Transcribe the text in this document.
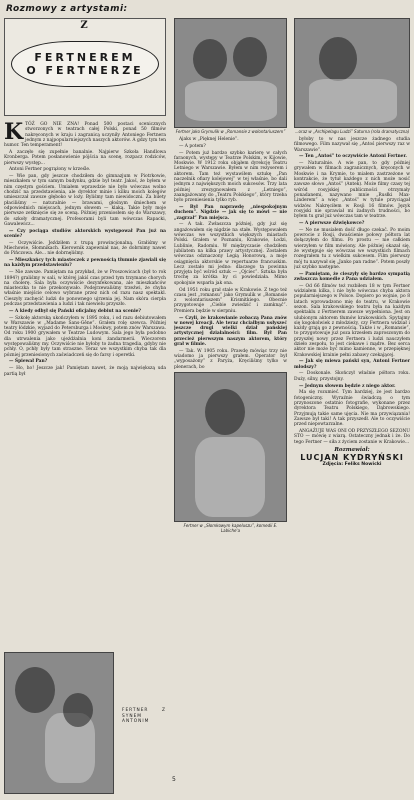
Rozmowy z artystami:
Z
FERTNEREM
O FERTNERZE

KTÓŻ GO NIE ZNA! Ponad 500 postaci scenicznych stworzonych w teatrach całej Polski, ponad 50 filmów nakręconych w kraju i zagranicą uczyniły Antoniego Fertnera jednym z najpopularniejszych naszych aktorów. A gdzy tym ten humor. Ten temperament!

A zaczęło się zupełnie banalnie. Najpierw Szkoła Handlowa Kronberga. Potem posłanowienie pójścia na scenę, rozpacz rodziców, pierwszy występ...

Antoni Fertner pogrążony w krześle.

— Wie pan, gdy jeszcze chodziłem do gimnazjum w Piotrkowie, mieszkałem w tym samym budynku, gdzie był teatr. Jakoś, że byłem w nim częstym gościem. Umiałem wprawdzie nie było wówczas wolno chodzić na przedstawienia, ale dyrektor minie i kilku moich kolegów umieszczał zawsze głęboko w loży. Byliśmy tam niewidoczni. Za bilety płaciliśmy — naturalnie — brawami, głośnym śmiechem w odpowiednich miejscach, jednym słowem — klaką. Takie były moje pierwsze zetknięcie się ze sceną. Później przeniosłem się do Warszawy, do szkoły dramatycznej. Profesorami byli tam wówczas Rapacki, Gawalewicz...

— Czy pociąga studiów aktorskich występował Pan już na scenie?

— Oczywiście. Jeździłem z trupą prowincjonalną. Grałiśmy w Miechowie, Słomnikach. Kierownik zapewniał nas, że dobrnimy nawet do Pińczowa. Ale... nie dobrnęliśmy.

— Mieszkańcy tych miasteczek z pewnością tłumnie zjawiali się na każdym przedstawieniu?

— Nie zawsze. Pamiętam na przykład, że w Proszowicach (był to rok 1894?) graliśmy w sali, w której jakiś czas przed tym trzymano chorych na cholerę. Sala była oczywiście dezynfekowana, ale mieszkańców miasteczka to nie przekonywało. Podejrzewaliśmy trzeźwi, że chyba właśnie miejście celowo wybrane przez nich od razu nasz spektakl. Cieszyły zachęcić ludzi do ponownego ujrzenia jej. Nam skóra cierpła podczas przedstawienia a ludzi i tak niewielu przyszło.

— A kiedy odbył się Pański oficjalny debiut na scenie?

— Szkołę aktorską ukończyłem w 1895 roku, i od razu debiutowałem w Warszawie w „Madame Sans-Gêne”. Grałem rolę szewca. Później teatry łódzkie, wyjazd do Petersburga i Moskwy, potem znów Warszawa. Od roku 1900 grywałem w Teatrze Ludowym. Sala jego była podobno dla utrwalenia jako ujeżdżalnia koni żandarmerii. Wieczorem występowaliśmy my. Oczywiście nie byłoby to żadna tragedia, gdyby nie pchły. O, pchły były tam straszne. Teraz we wszystkim chyba tak dla pózniej przeniesionych zaświadczeń się do farsy i operetki.

— Śpiewał Pan?

— Ho, ho! Jeszcze jak! Pamiętam nawet, że moją największą uda partią był

FERTNER Z SYNEM ANTONIM
Fertner jako Grymulik w „Romansie z wolontariuszem”

Ajaks w „Pięknej Helenie”.

— A potem?

— Potem już bardzo szybko karierę w całych faraonych, występy w Teatrze Polskim, w Kijowie, Moskwie. W 1912 roku objąłem dyrekcję Teatru Letniego w Warszawie. Byłem w nim reżyserem i aktorem. Tam też wystawiłem sztukę „Pan naczelnik ofiary kolejowej” w tej właśnie, bo dali jednym z największych moich sukcesów. Trzy lata później zrezygnowałem z „Letniego”, zaangażowany do „Teatru Polskiego”, który trzeba było przeniesienia tylko ryb.

— Był Pan naprawdę „niespokojnym duchem”. Nigdzie — jak się to mówi — nie „zagrzał” Pan miejsca.

— A tak. Zwłaszcza później, gdy już się angażowałem się nigdzie na stałe. Występowałem wówczas we wszystkich większych miastach Polski. Grałem w Poznaniu, Krakowie, Łodzi, Lublinie, Radomiu. W międzyczasie chodziłem jubilatem na kilka prawy artystycznej. Zostałem wówczas odznaczony Legią Honorową, a moje osiągnięcia aktorskie w repertuarze francuskim. Lecz zostało mi jedno: dlaczego ta powinna przyjęta być wśród sztuk — „Ojciec”. Sztuka była trochę za krótka by ci powiedziała. Mimo spokojnie wsparła jak ona.

Od 1951 roku grał stale w Krakowie. Z tego też czasu jest „romansu” jako Grymulik w „Romansie z wolontariuszem” Krismitkiego. Obecnie przygotowuje „Ciebie zwiedzić i zamknąć”. Premiera będzie w sierpniu.

— Czyli, że krakowianie zobaczą Pana znów w nowej kreacji. Ale teraz chciałbym usłyszeć jeszcze drugi wielki dział pańskiej artystycznej działalności: film. Był Pan przecież pierwszym naszym aktorem, który grał w filmie.

— Tak. W 1905 roku. Prawdę mówiąc trzy nie wiadomo ja pierwszy grałem. Operator był „wyposażony” z Paryża, Kręciliśmy tylko w plenerach, bo

Fertner w „Słomkowym kapeluszu”, komedii E. Labiche'a
...oraz w „Archipelagu Ludzi” Saturna (rola dramatyczna)

byłoby to w nas jeszcze żadnego studia filmowego. Film nazywał się „Antoś pierwszy raz w Warszawie”.

— Ten „Antoś” to oczywiście Antoni Fertner.

— Naturalnie. A wie pan, to gdy później grywałem w filmach zagranicznych, kręconych w Moskwie i na Krymie, to miałem zastrzeżone w kontrakcie, że tytuł każdego z nich może nosić zawsze słowo „Antoś” (Antek). Może filmy czasy tej wśród rosyjskiej publiczności otrzymały ponadanemi, nazywano mnie „Rusłki Max-Linderem” a więc „Antoś” w tytule przyciągał widzów. Nakręciłem w Rosji 16 filmów. Język rosyjski nie sprawiał mi żadnych trudności, bo byłem tu grał już wówczas tam w teatrze.

— A pierwsze dźwiękowce?

— Ne ne musiałem dość długo czekać. Po moim powrocie z Rosji, dwaścienie połowy półtora lat dołączyłem do filmu. Po prostu — nie całkiem wierzyłem w film mówiony. Ale później okazał się, że występuje się wówczas we wszystkich filmach rozegrałem tu z wielkim sukcesem. Film pierwszy mój tu nazywał się „Janko pan radne”. Potem poszły już szybko następne.

— Pamiętam, że cieszyły się bardzo sympatią zwłaszcza komedie z Pana udziałem.

— Od 66 filmów też rozbiłem 18 w tym Fertner widziałem kilka, i nie było wówczas chyba aktora popularniejszego w Polsce. Dopiero po wojnie, po 8 latach wprowadzono mię do teatru, w Krakowie sezon. Sala krakowskiego teatru była na każdym spektaklu z Fertnerem zawsze wypełniona. Jest on ulubionym aktorem tłumów krakowskich. Spytajmy się kogokolwiek z młodzieży, czy Fertnera widział i każdy grają go z pewnością. Także i w „Romansie”, to przygotowuje już poza krzesłem zaproszonym do przyszłej nowy przez Fertnera i ludzi nauczyłem dzieło zespołu, to jest ciekawe i mądre. Bez serca aktor nie może być mimo kamienne, w przepięknej Krakowskiej krainie pełni zabawy czekającej.

— Jak się miewa pański syn, Antoni Fertner młodszy?

— Doskonale. Skończył właśnie półtora roku. Duży, silny, przystojny.

— Jednym słowem będzie z niego aktor.

Ma się rozumieć. Tym bardziej, że jest bardzo fotogeniczny. Wyraźnie świadczą o tym przynoszone ostatnio fotografie, wykonane przez dyrektora Teatru Polskiego, Dąbrowskiego. Przyjmują takie same ujęcia. Nie ma przywiązania! Zawsze był taki! A tak przyszedł. Ale to oczywiście przed niepowtarzalne.

ANGAŻUJE WAS ONI OD PRZYSZŁEGO SEZONU STO — mówię z wiarą. Ostateczny jednak i że. Do tego Fertner — siła z życiem zostanie w Krakowie...

Rozmawiał:
LUCJAN KYDRYŃSKI
Zdjęcia: Feliks Nowicki
5
